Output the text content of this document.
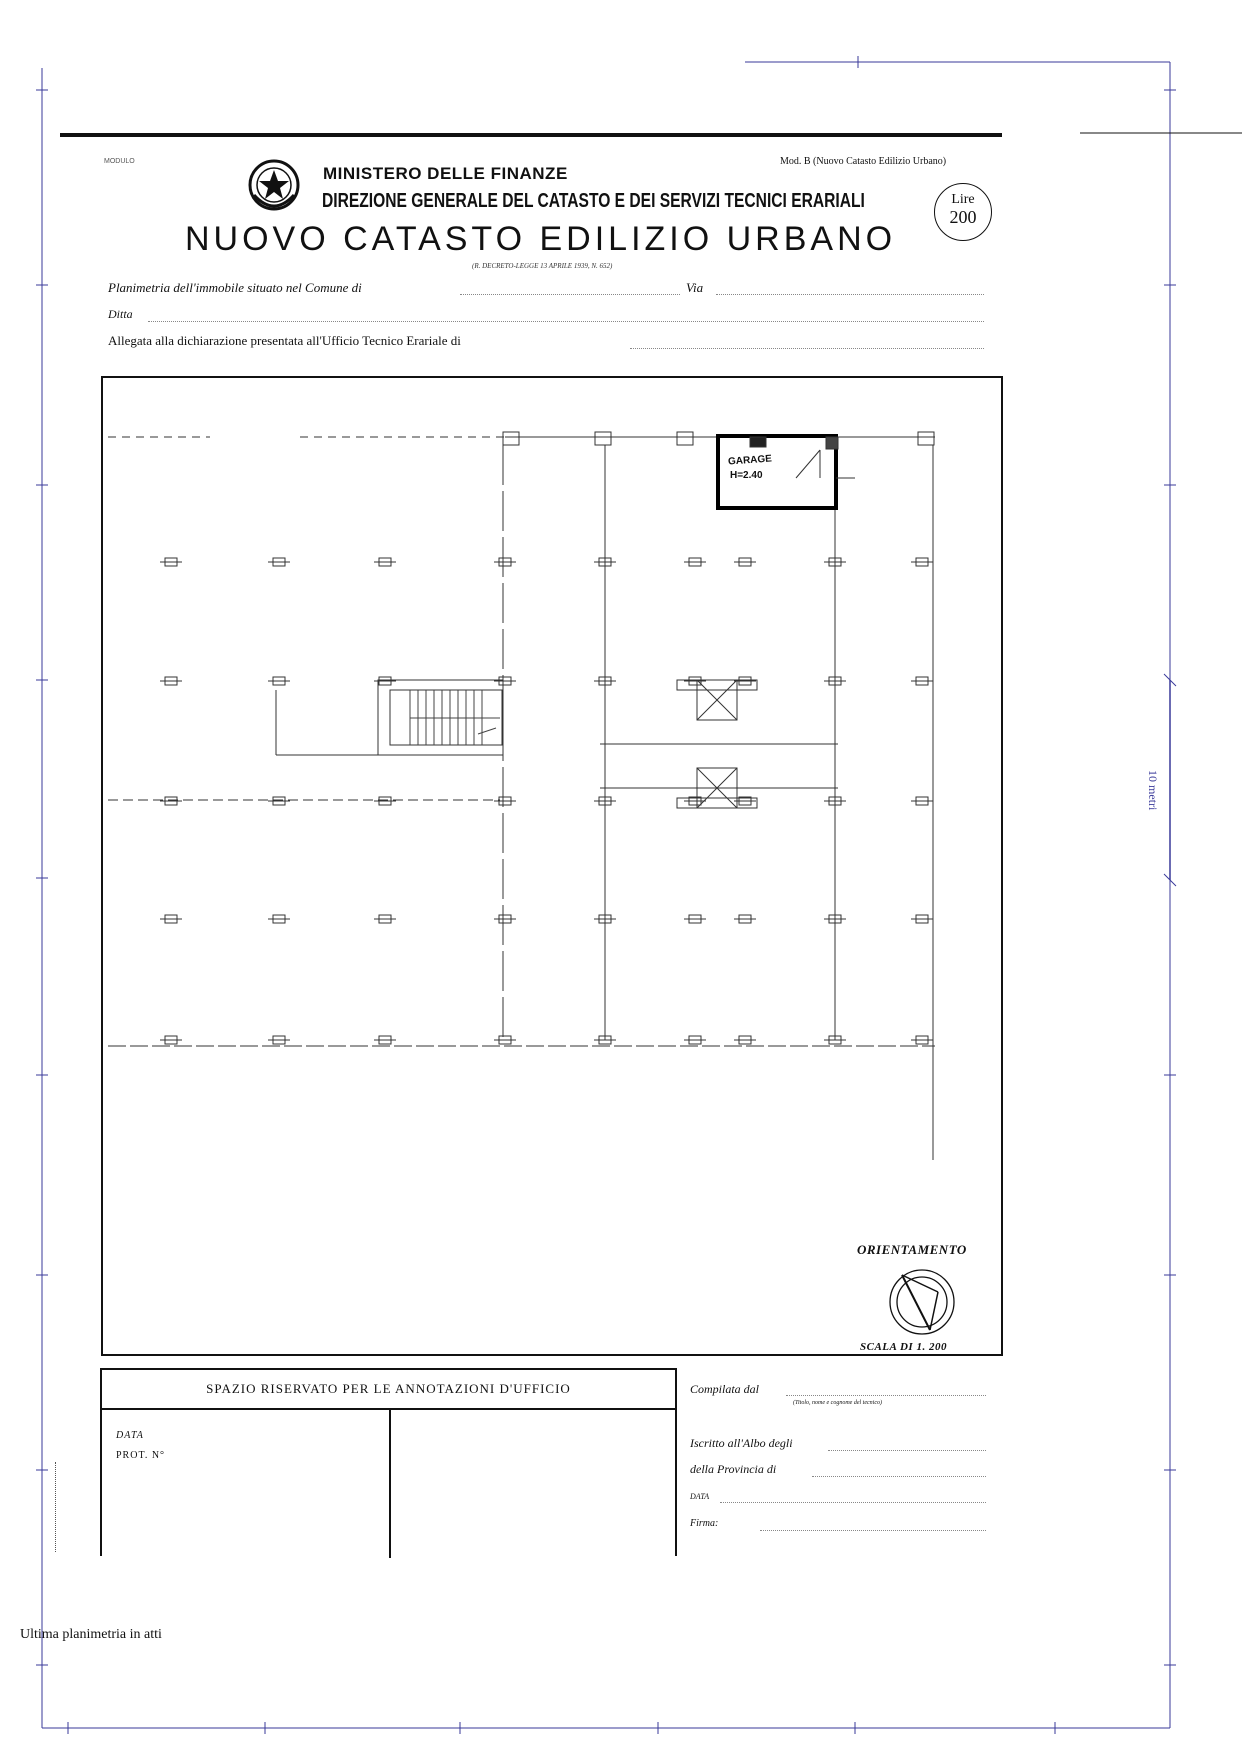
MODULO	Mod. B (Nuovo Catasto Edilizio Urbano)
MINISTERO DELLE FINANZE
DIREZIONE GENERALE DEL CATASTO E DEI SERVIZI TECNICI ERARIALI
NUOVO CATASTO EDILIZIO URBANO
(R. DECRETO-LEGGE 13 APRILE 1939, N. 652)
Lire
200
Planimetria dell'immobile situato nel Comune di	Via
Ditta
Allegata alla dichiarazione presentata all'Ufficio Tecnico Erariale di
GARAGE
H=2.40
ORIENTAMENTO
SCALA DI 1. 200
SPAZIO RISERVATO PER LE ANNOTAZIONI D'UFFICIO
DATA
PROT. N°
Compilata dal
(Titolo, nome e cognome del tecnico)
Iscritto all'Albo degli
della Provincia di
DATA
Firma:
10 metri
Ultima planimetria in atti
